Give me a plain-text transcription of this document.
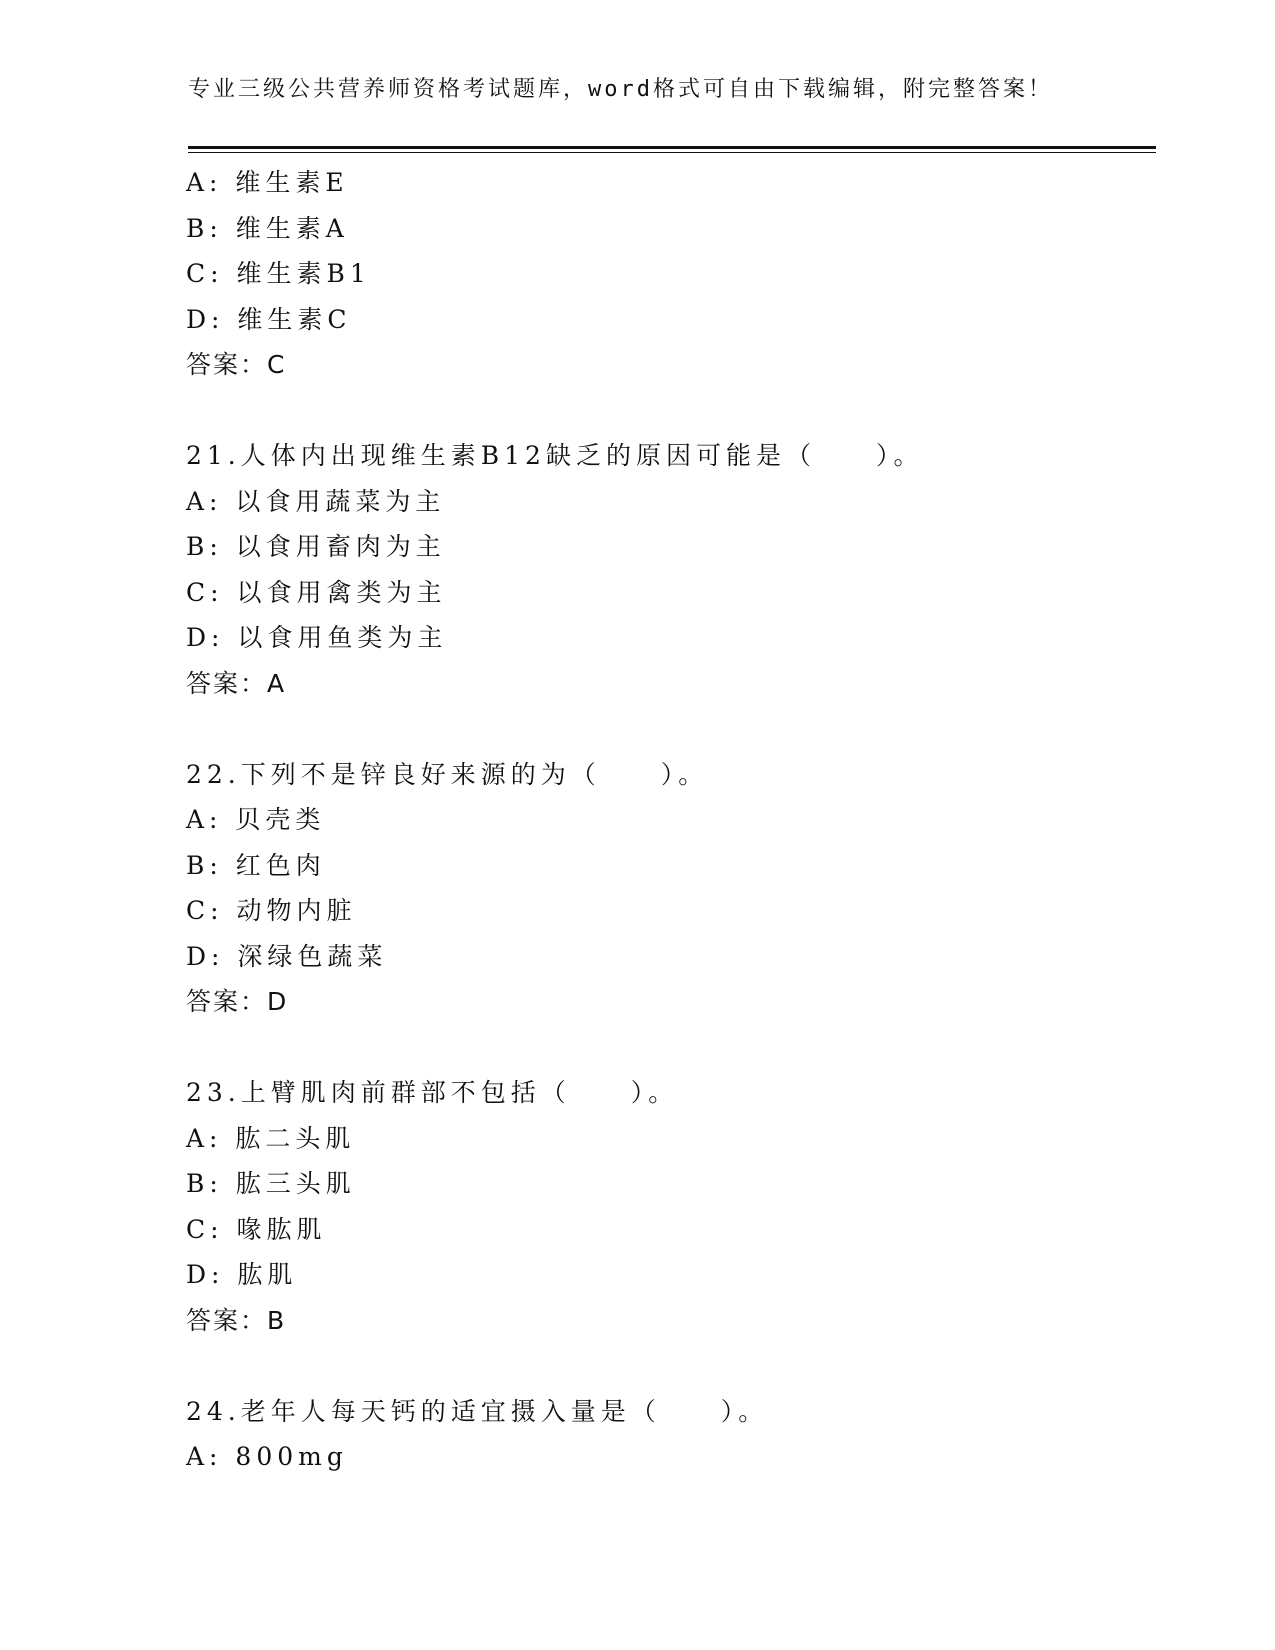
专业三级公共营养师资格考试题库，word格式可自由下载编辑，附完整答案！
A: 维生素E
B: 维生素A
C: 维生素B1
D: 维生素C
答案：C
21.人体内出现维生素B12缺乏的原因可能是（　　）。
A: 以食用蔬菜为主
B: 以食用畜肉为主
C: 以食用禽类为主
D: 以食用鱼类为主
答案：A
22.下列不是锌良好来源的为（　　）。
A: 贝壳类
B: 红色肉
C: 动物内脏
D: 深绿色蔬菜
答案：D
23.上臂肌肉前群部不包括（　　）。
A: 肱二头肌
B: 肱三头肌
C: 喙肱肌
D: 肱肌
答案：B
24.老年人每天钙的适宜摄入量是（　　）。
A: 800mg
